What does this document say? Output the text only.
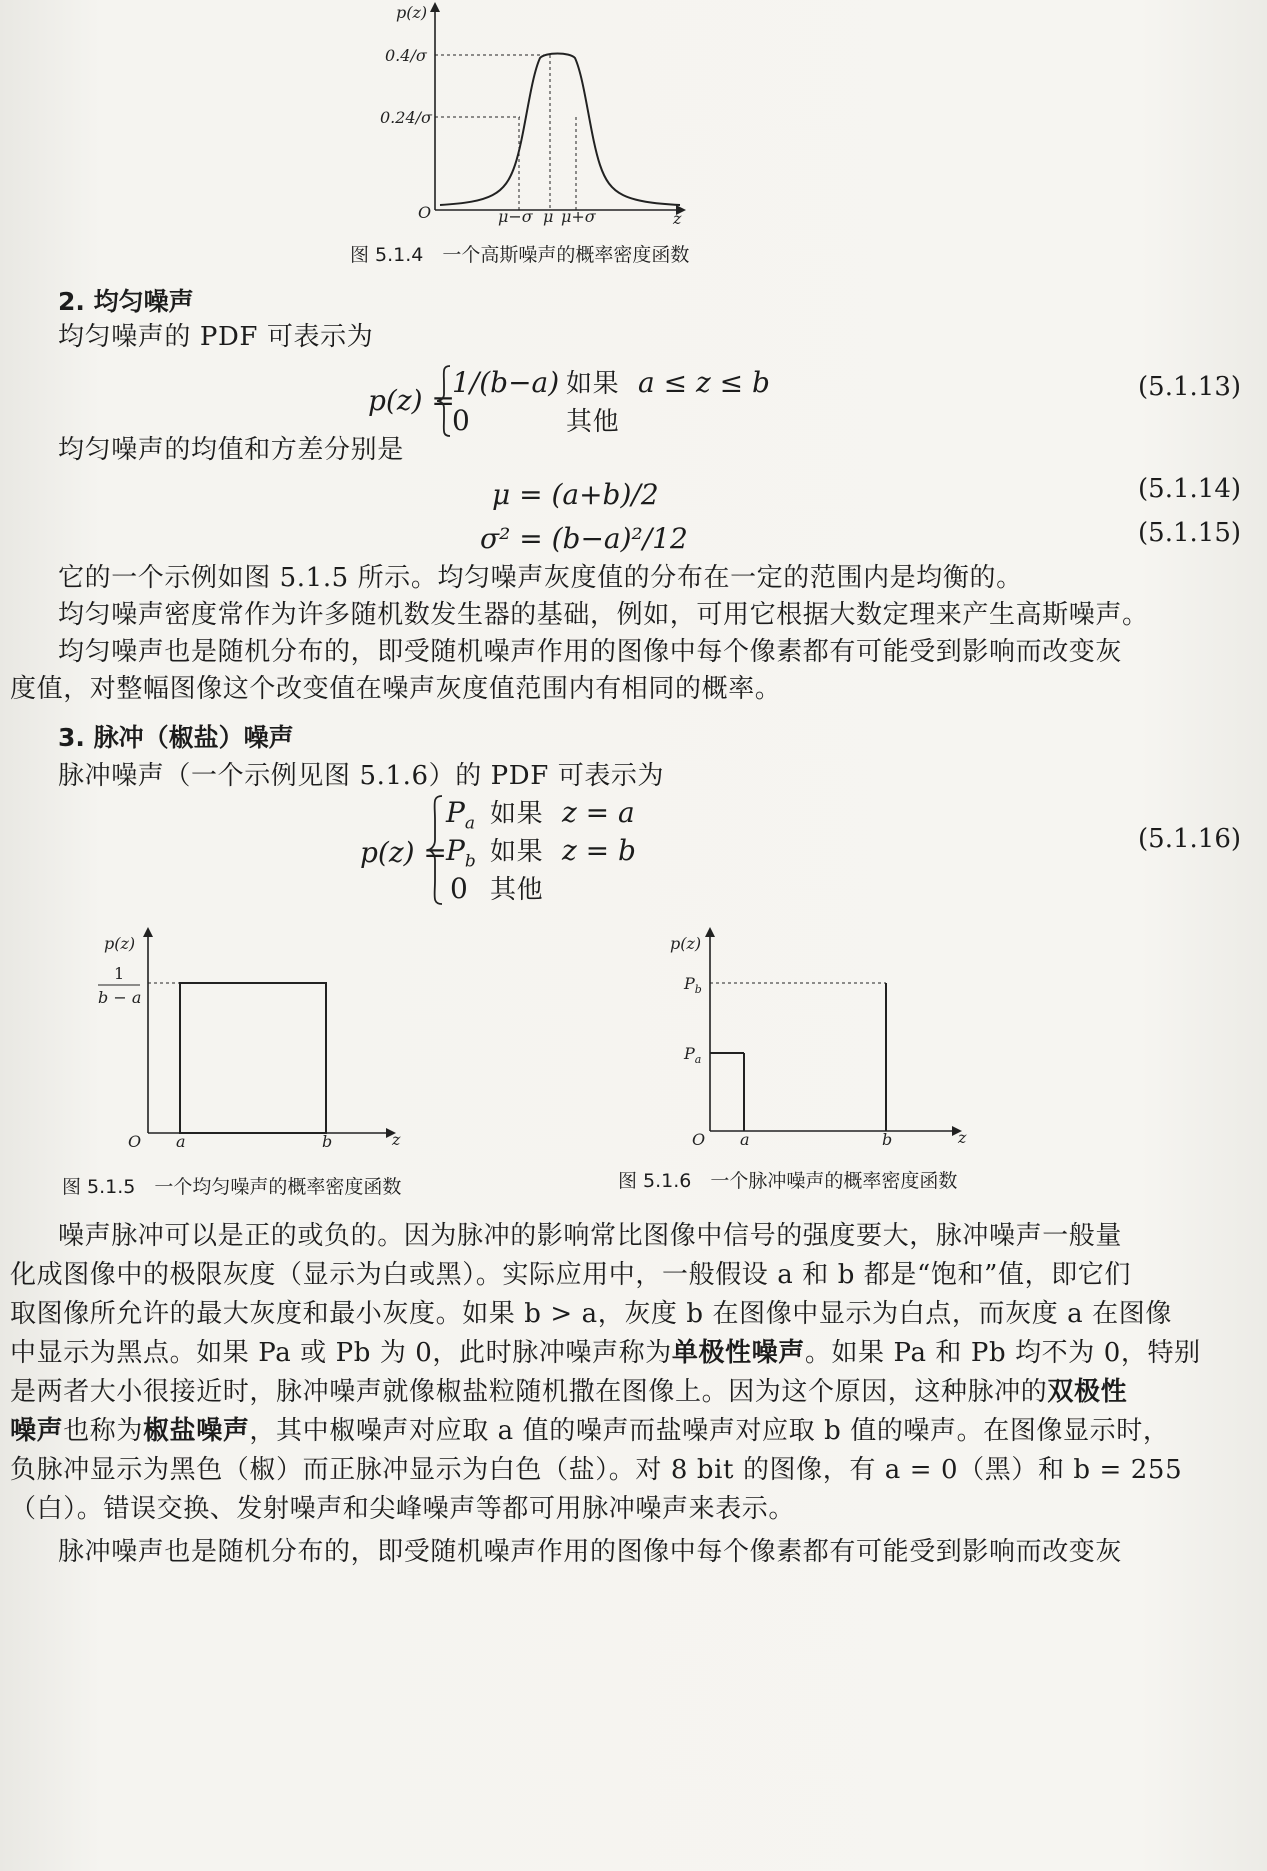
p(z)
0.4/σ
0.24/σ
O	μ−σ μ μ+σ	z
图 5.1.4　一个高斯噪声的概率密度函数
2. 均匀噪声
均匀噪声的 PDF 可表示为
p(z) =
1/(b−a) 如果 a ≤ z ≤ b
0	其他
(5.1.13)
均匀噪声的均值和方差分别是
μ = (a+b)/2	(5.1.14)
σ² = (b−a)²/12	(5.1.15)
它的一个示例如图 5.1.5 所示。均匀噪声灰度值的分布在一定的范围内是均衡的。
均匀噪声密度常作为许多随机数发生器的基础，例如，可用它根据大数定理来产生高斯噪声。
均匀噪声也是随机分布的，即受随机噪声作用的图像中每个像素都有可能受到影响而改变灰
度值，对整幅图像这个改变值在噪声灰度值范围内有相同的概率。
3. 脉冲（椒盐）噪声
脉冲噪声（一个示例见图 5.1.6）的 PDF 可表示为
p(z) =
$P_a$ 如果 z = a
$P_b$ 如果 z = b
0 其他
(5.1.16)
p(z)
1
b − a
O a	b	z
图 5.1.5　一个均匀噪声的概率密度函数
p(z)
$P_b$
$P_a$
O a	b	z
图 5.1.6　一个脉冲噪声的概率密度函数
噪声脉冲可以是正的或负的。因为脉冲的影响常比图像中信号的强度要大，脉冲噪声一般量
化成图像中的极限灰度（显示为白或黑）。实际应用中，一般假设 a 和 b 都是“饱和”值，即它们
取图像所允许的最大灰度和最小灰度。如果 b > a，灰度 b 在图像中显示为白点，而灰度 a 在图像
中显示为黑点。如果 Pa 或 Pb 为 0，此时脉冲噪声称为单极性噪声。如果 Pa 和 Pb 均不为 0，特别
是两者大小很接近时，脉冲噪声就像椒盐粒随机撒在图像上。因为这个原因，这种脉冲的双极性
噪声也称为椒盐噪声，其中椒噪声对应取 a 值的噪声而盐噪声对应取 b 值的噪声。在图像显示时，
负脉冲显示为黑色（椒）而正脉冲显示为白色（盐）。对 8 bit 的图像，有 a = 0（黑）和 b = 255
（白）。错误交换、发射噪声和尖峰噪声等都可用脉冲噪声来表示。
脉冲噪声也是随机分布的，即受随机噪声作用的图像中每个像素都有可能受到影响而改变灰
